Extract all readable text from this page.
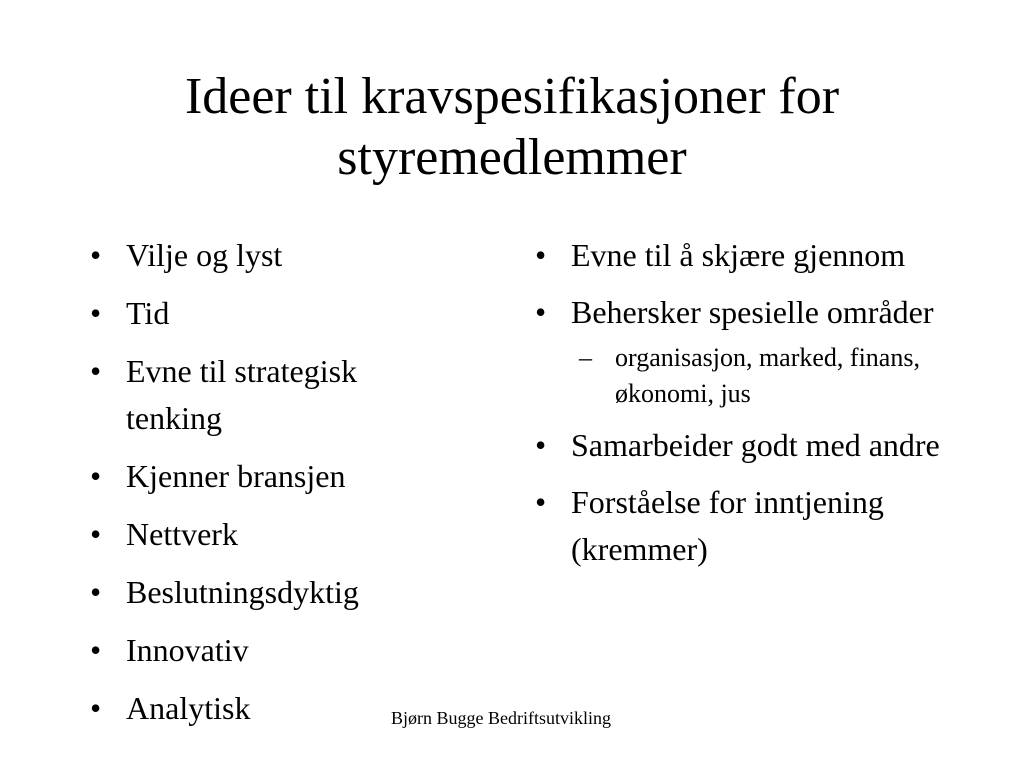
Ideer til kravspesifikasjoner for
styremedlemmer
• Vilje og lyst
• Tid
• Evne til strategisk tenking
• Kjenner bransjen
• Nettverk
• Beslutningsdyktig
• Innovativ
• Analytisk
• Evne til å skjære gjennom
• Behersker spesielle områder
– organisasjon, marked, finans, økonomi, jus
• Samarbeider godt med andre
• Forståelse for inntjening (kremmer)
Bjørn Bugge Bedriftsutvikling
